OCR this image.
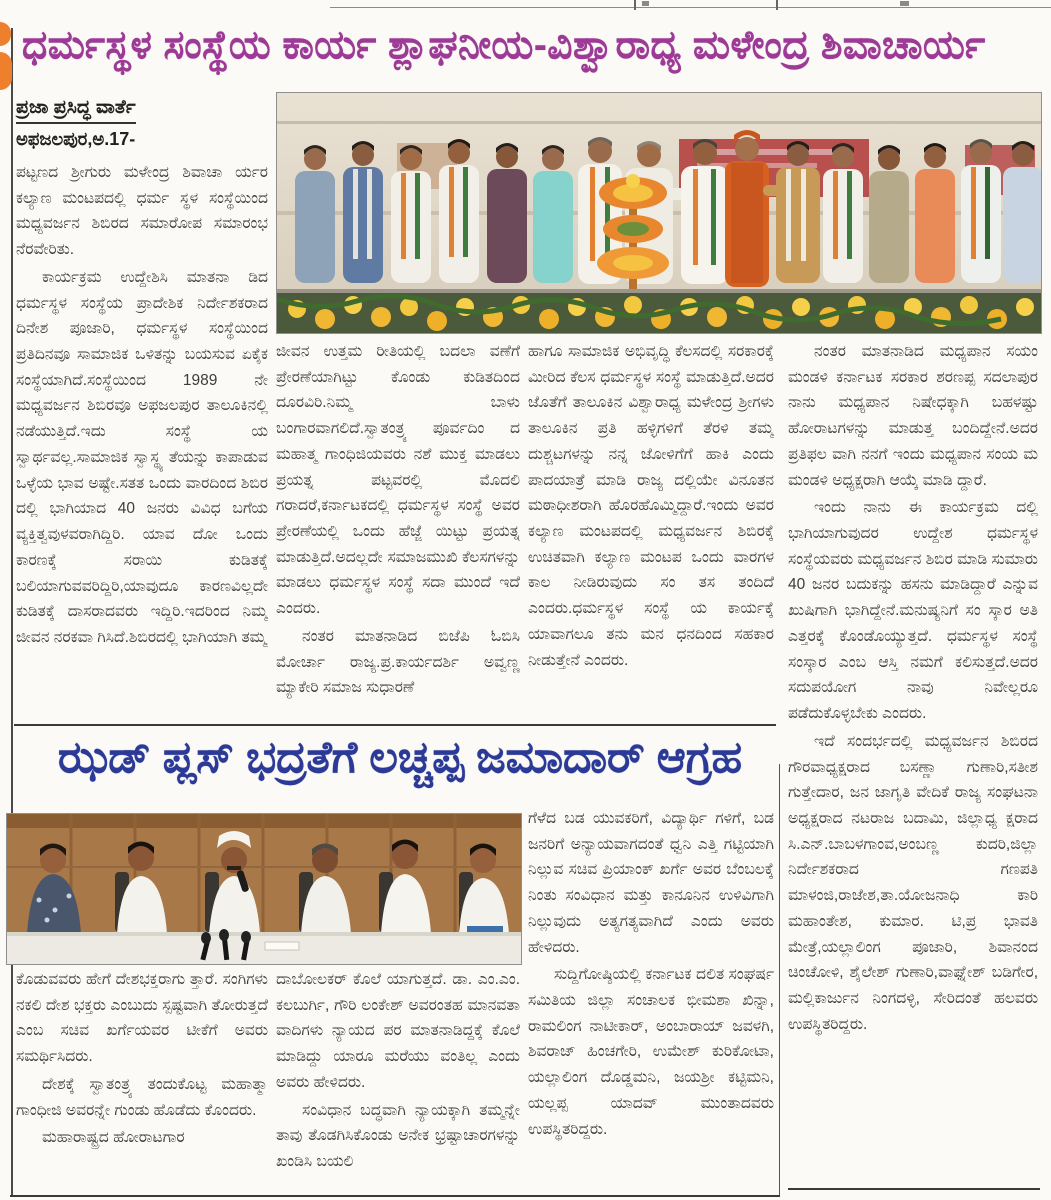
ಧರ್ಮಸ್ಥಳ ಸಂಸ್ಥೆಯ ಕಾರ್ಯ ಶ್ಲಾಘನೀಯ-ವಿಶ್ವಾರಾಧ್ಯ ಮಳೇಂದ್ರ ಶಿವಾಚಾರ್ಯ
ಪ್ರಜಾ ಪ್ರಸಿದ್ಧ ವಾರ್ತೆ
ಅಫಜಲಪುರ,ಅ.17-

ಪಟ್ಟಣದ ಶ್ರೀಗುರು ಮಳೇಂದ್ರ ಶಿವಾಚಾ ರ್ಯರ ಕಲ್ಯಾಣ ಮಂಟಪದಲ್ಲಿ ಧರ್ಮ ಸ್ಥಳ ಸಂಸ್ಥೆಯಿಂದ ಮಧ್ಯವರ್ಜನ ಶಿಬಿರದ ಸಮಾರೋಪ ಸಮಾರಂಭ ನೆರವೇರಿತು.

ಕಾರ್ಯಕ್ರಮ ಉದ್ದೇಶಿಸಿ ಮಾತನಾ ಡಿದ ಧರ್ಮಸ್ಥಳ ಸಂಸ್ಥೆಯ ಪ್ರಾದೇಶಿಕ ನಿರ್ದೇಶಕರಾದ ದಿನೇಶ ಪೂಜಾರಿ, ಧರ್ಮಸ್ಥಳ ಸಂಸ್ಥೆಯಿಂದ ಪ್ರತಿದಿನವೂ ಸಾಮಾಜಿಕ ಒಳಿತನ್ನು ಬಯಸುವ ಏಕೈಕ ಸಂಸ್ಥೆಯಾಗಿದೆ.ಸಂಸ್ಥೆಯಿಂದ 1989 ನೇ ಮಧ್ಯವರ್ಜನ ಶಿಬಿರವೂ ಅಫಜಲಪುರ ತಾಲೂಕಿನಲ್ಲಿ ನಡೆಯುತ್ತಿದೆ.ಇದು ಸಂಸ್ಥೆ ಯ ಸ್ವಾರ್ಥವಲ್ಲ.ಸಾಮಾಜಿಕ ಸ್ವಾಸ್ಥ್ಯ ತೆಯನ್ನು ಕಾಪಾಡುವ ಒಳ್ಳೆಯ ಭಾವ ಅಷ್ಟೇ.ಸತತ ಒಂದು ವಾರದಿಂದ ಶಿಬಿರ ದಲ್ಲಿ ಭಾಗಿಯಾದ 40 ಜನರು ವಿವಿಧ ಬಗೆಯ ವ್ಯಕ್ತಿತ್ವವುಳವರಾಗಿದ್ದಿರಿ. ಯಾವ ದೋ ಒಂದು ಕಾರಣಕ್ಕೆ ಸರಾಯಿ ಕುಡಿತಕ್ಕೆ ಬಲಿಯಾಗುವವರಿದ್ದಿರಿ,ಯಾವುದೂ ಕಾರಣವಿಲ್ಲದೇ ಕುಡಿತಕ್ಕೆ ದಾಸರಾದವರು ಇದ್ದಿರಿ.ಇದರಿಂದ ನಿಮ್ಮ ಜೀವನ ನರಕವಾ ಗಿಸಿದೆ.ಶಿಬಿರದಲ್ಲಿ ಭಾಗಿಯಾಗಿ ತಮ್ಮ

ಜೀವನ ಉತ್ತಮ ರೀತಿಯಲ್ಲಿ ಬದಲಾ ವಣೆಗೆ ಪ್ರೇರಣೆಯಾಗಿಟ್ಟು ಕೊಂಡು ಕುಡಿತದಿಂದ ದೂರವಿರಿ.ನಿಮ್ಮ ಬಾಳು ಬಂಗಾರವಾಗಲಿದೆ.ಸ್ವಾತಂತ್ರ್ಯ ಪೂರ್ವದಿಂ ದ ಮಹಾತ್ಮ ಗಾಂಧಿಜಿಯವರು ನಶೆ ಮುಕ್ತ ಮಾಡಲು ಪ್ರಯತ್ನ ಪಟ್ಟವರಲ್ಲಿ ಮೊದಲಿ ಗರಾದರೆ,ಕರ್ನಾಟಕದಲ್ಲಿ ಧರ್ಮಸ್ಥಳ ಸಂಸ್ಥೆ ಅವರ ಪ್ರೇರಣೆಯಲ್ಲಿ ಒಂದು ಹೆಜ್ಜೆ ಯಿಟ್ಟು ಪ್ರಯತ್ನ ಮಾಡುತ್ತಿದೆ.ಅದಲ್ಲದೇ ಸಮಾಜಮುಖಿ ಕೆಲಸಗಳನ್ನು ಮಾಡಲು ಧರ್ಮಸ್ಥಳ ಸಂಸ್ಥೆ ಸದಾ ಮುಂದೆ ಇದೆ ಎಂದರು.

ನಂತರ ಮಾತನಾಡಿದ ಬಿಜೆಪಿ ಓಬಿಸಿ ಮೋರ್ಚಾ ರಾಜ್ಯ.ಪ್ರ.ಕಾರ್ಯದರ್ಶಿ ಅವ್ವಣ್ಣ ಮ್ಯಾಕೇರಿ ಸಮಾಜ ಸುಧಾರಣೆ

ಹಾಗೂ ಸಾಮಾಜಿಕ ಅಭಿವೃದ್ಧಿ ಕೆಲಸದಲ್ಲಿ ಸರಕಾರಕ್ಕೆ ಮೀರಿದ ಕೆಲಸ ಧರ್ಮಸ್ಥಳ ಸಂಸ್ಥೆ ಮಾಡುತ್ತಿದೆ.ಅದರ ಜೊತೆಗೆ ತಾಲೂಕಿನ ವಿಶ್ವಾರಾಧ್ಯ ಮಳೇಂದ್ರ ಶ್ರೀಗಳು ತಾಲೂಕಿನ ಪ್ರತಿ ಹಳ್ಳಿಗಳಿಗೆ ತೆರಳಿ ತಮ್ಮ ದುಶ್ಚಟಗಳನ್ನು ನನ್ನ ಜೋಳಿಗೆಗೆ ಹಾಕಿ ಎಂದು ಪಾದಯಾತ್ರೆ ಮಾಡಿ ರಾಜ್ಯ ದಲ್ಲಿಯೇ ವಿನೂತನ ಮಠಾಧೀಶರಾಗಿ ಹೊರಹೊಮ್ಮಿದ್ದಾರೆ.ಇಂದು ಅವರ ಕಲ್ಯಾಣ ಮಂಟಪದಲ್ಲಿ ಮಧ್ಯವರ್ಜನ ಶಿಬಿರಕ್ಕೆ ಉಚಿತವಾಗಿ ಕಲ್ಯಾಣ ಮಂಟಪ ಒಂದು ವಾರಗಳ ಕಾಲ ನೀಡಿರುವುದು ಸಂ ತಸ ತಂದಿದೆ ಎಂದರು.ಧರ್ಮಸ್ಥಳ ಸಂಸ್ಥೆ ಯ ಕಾರ್ಯಕ್ಕೆ ಯಾವಾಗಲೂ ತನು ಮನ ಧನದಿಂದ ಸಹಕಾರ ನೀಡುತ್ತೇನೆ ಎಂದರು.

ನಂತರ ಮಾತನಾಡಿದ ಮಧ್ಯಪಾನ ಸಯಂ ಮಂಡಳಿ ಕರ್ನಾಟಕ ಸರಕಾರ ಶರಣಪ್ಪ ಸದಲಾಪುರ ನಾನು ಮಧ್ಯಪಾನ ನಿಷೇಧಕ್ಕಾಗಿ ಬಹಳಷ್ಟು ಹೋರಾಟಗಳನ್ನು ಮಾಡುತ್ತ ಬಂದಿದ್ದೇನೆ.ಅದರ ಪ್ರತಿಫಲ ವಾಗಿ ನನಗೆ ಇಂದು ಮಧ್ಯಪಾನ ಸಂಯ ಮ ಮಂಡಳಿ ಅಧ್ಯಕ್ಷರಾಗಿ ಆಯ್ಕೆ ಮಾಡಿ ದ್ದಾರೆ.

ಇಂದು ನಾನು ಈ ಕಾರ್ಯಕ್ರಮ ದಲ್ಲಿ ಭಾಗಿಯಾಗುವುದರ ಉದ್ದೇಶ ಧರ್ಮಸ್ಥಳ ಸಂಸ್ಥೆಯವರು ಮಧ್ಯವರ್ಜನ ಶಿಬಿರ ಮಾಡಿ ಸುಮಾರು 40 ಜನರ ಬದುಕನ್ನು ಹಸನು ಮಾಡಿದ್ದಾರೆ ಎನ್ನುವ ಖುಷಿಗಾಗಿ ಭಾಗಿದ್ದೇನೆ.ಮನುಷ್ಯನಿಗೆ ಸಂ ಸ್ಕಾರ ಅತಿ ಎತ್ತರಕ್ಕೆ ಕೊಂಡೊಯ್ಯುತ್ತದೆ. ಧರ್ಮಸ್ಥಳ ಸಂಸ್ಥೆ ಸಂಸ್ಕಾರ ಎಂಬ ಆಸ್ತಿ ನಮಗೆ ಕಲಿಸುತ್ತದೆ.ಅದರ ಸದುಪಯೋಗ ನಾವು ನಿವೇಲ್ಲರೂ ಪಡೆದುಕೊಳ್ಳಬೇಕು ಎಂದರು.

ಇದೆ ಸಂದರ್ಭದಲ್ಲಿ ಮಧ್ಯವರ್ಜನ ಶಿಬಿರದ ಗೌರವಾಧ್ಯಕ್ಷರಾದ ಬಸಣ್ಣಾ ಗುಣಾರಿ,ಸತೀಶ ಗುತ್ತೇದಾರ, ಜನ ಜಾಗೃತಿ ವೇದಿಕೆ ರಾಜ್ಯ ಸಂಘಟನಾ ಅಧ್ಯಕ್ಷರಾದ ನಟರಾಜ ಬದಾಮಿ, ಜಿಲ್ಲಾಧ್ಯ ಕ್ಷರಾದ ಸಿ.ಎನ್.ಬಾಬಳಗಾಂವ,ಅಂಬಣ್ಣ ಕುದರಿ,ಜಿಲ್ಲಾ ನಿರ್ದೇಶಕರಾದ ಗಣಪತಿ ಮಾಳಂಜಿ,ರಾಜೇಶ,ತಾ.ಯೋಜನಾಧಿ ಕಾರಿ ಮಹಾಂತೇಶ, ಕುಮಾರ. ಟಿ,ಪ್ರ ಭಾವತಿ ಮೇತ್ರೆ,ಯಲ್ಲಾಲಿಂಗ ಪೂಜಾರಿ, ಶಿವಾನಂದ ಚಿಂಚೋಳಿ, ಶೈಲೇಶ್ ಗುಣಾರಿ,ವಾಘ್ನೇಶ್ ಬಡಿಗೇರ, ಮಲ್ಲಿಕಾರ್ಜುನ ನಿಂಗದಳ್ಳಿ, ಸೇರಿದಂತೆ ಹಲವರು ಉಪಸ್ಥಿತರಿದ್ದರು.

ಝಡ್ ಪ್ಲಸ್ ಭದ್ರತೆಗೆ ಲಚ್ಚಪ್ಪ ಜಮಾದಾರ್ ಆಗ್ರಹ

ಕೊಡುವವರು ಹೇಗೆ ದೇಶಭಕ್ತರಾಗು ತ್ತಾರೆ. ಸಂಗಿಗಳು ನಕಲಿ ದೇಶ ಭಕ್ತರು ಎಂಬುದು ಸ್ಪಷ್ಟವಾಗಿ ತೋರುತ್ತದೆ ಎಂಬ ಸಚಿವ ಖರ್ಗೆಯವರ ಟೀಕೆಗೆ ಅವರು ಸಮರ್ಥಿಸಿದರು.

ದೇಶಕ್ಕೆ ಸ್ವಾತಂತ್ರ್ಯ ತಂದುಕೊಟ್ಟ ಮಹಾತ್ಮಾ ಗಾಂಧೀಜಿ ಅವರನ್ನೇ ಗುಂಡು ಹೊಡೆದು ಕೊಂದರು.

ಮಹಾರಾಷ್ಟ್ರದ ಹೋರಾಟಗಾರ

ದಾಬೋಲಕರ್ ಕೊಲೆ ಯಾಗುತ್ತದೆ. ಡಾ. ಎಂ.ಎಂ. ಕಲಬುರ್ಗಿ, ಗೌರಿ ಲಂಕೇಶ್ ಅವರಂತಹ ಮಾನವತಾ ವಾದಿಗಳು ನ್ಯಾಯದ ಪರ ಮಾತನಾಡಿದ್ದಕ್ಕೆ ಕೊಲೆ ಮಾಡಿದ್ದು ಯಾರೂ ಮರೆಯು ವಂತಿಲ್ಲ ಎಂದು ಅವರು ಹೇಳಿದರು.

ಸಂವಿಧಾನ ಬದ್ಧವಾಗಿ ನ್ಯಾಯಕ್ಕಾಗಿ ತಮ್ಮನ್ನೇ ತಾವು ತೊಡಗಿಸಿಕೊಂಡು ಅನೇಕ ಭ್ರಷ್ಟಾಚಾರಗಳನ್ನು ಖಂಡಿಸಿ ಬಯಲಿ

ಗೆಳೆದ ಬಡ ಯುವಕರಿಗೆ, ವಿದ್ಯಾರ್ಥಿ ಗಳಿಗೆ, ಬಡ ಜನರಿಗೆ ಅನ್ಯಾಯವಾಗದಂತೆ ಧ್ವನಿ ಎತ್ತಿ ಗಟ್ಟಿಯಾಗಿ ನಿಲ್ಲುವ ಸಚಿವ ಪ್ರಿಯಾಂಕ್ ಖರ್ಗೆ ಅವರ ಬೆಂಬಲಕ್ಕೆ ನಿಂತು ಸಂವಿಧಾನ ಮತ್ತು ಕಾನೂನಿನ ಉಳಿವಿಗಾಗಿ ನಿಲ್ಲುವುದು ಅತ್ಯಗತ್ಯವಾಗಿದೆ ಎಂದು ಅವರು ಹೇಳಿದರು.

ಸುದ್ದಿಗೋಷ್ಠಿಯಲ್ಲಿ ಕರ್ನಾಟಕ ದಲಿತ ಸಂಘರ್ಷ ಸಮಿತಿಯ ಜಿಲ್ಲಾ ಸಂಚಾಲಕ ಭೀಮಶಾ ಖಿನ್ನಾ, ರಾಮಲಿಂಗ ನಾಟೀಕಾರ್, ಅಂಬಾರಾಯ್ ಜವಳಗಿ, ಶಿವರಾಜ್ ಹಿಂಚಗೇರಿ, ಉಮೇಶ್ ಕುರಿಕೋಟಾ, ಯಲ್ಲಾಲಿಂಗ ದೊಡ್ಡಮನಿ, ಜಯಶ್ರೀ ಕಟ್ಟಿಮನಿ, ಯಲ್ಲಪ್ಪ ಯಾದವ್ ಮುಂತಾದವರು ಉಪಸ್ಥಿತರಿದ್ದರು.
